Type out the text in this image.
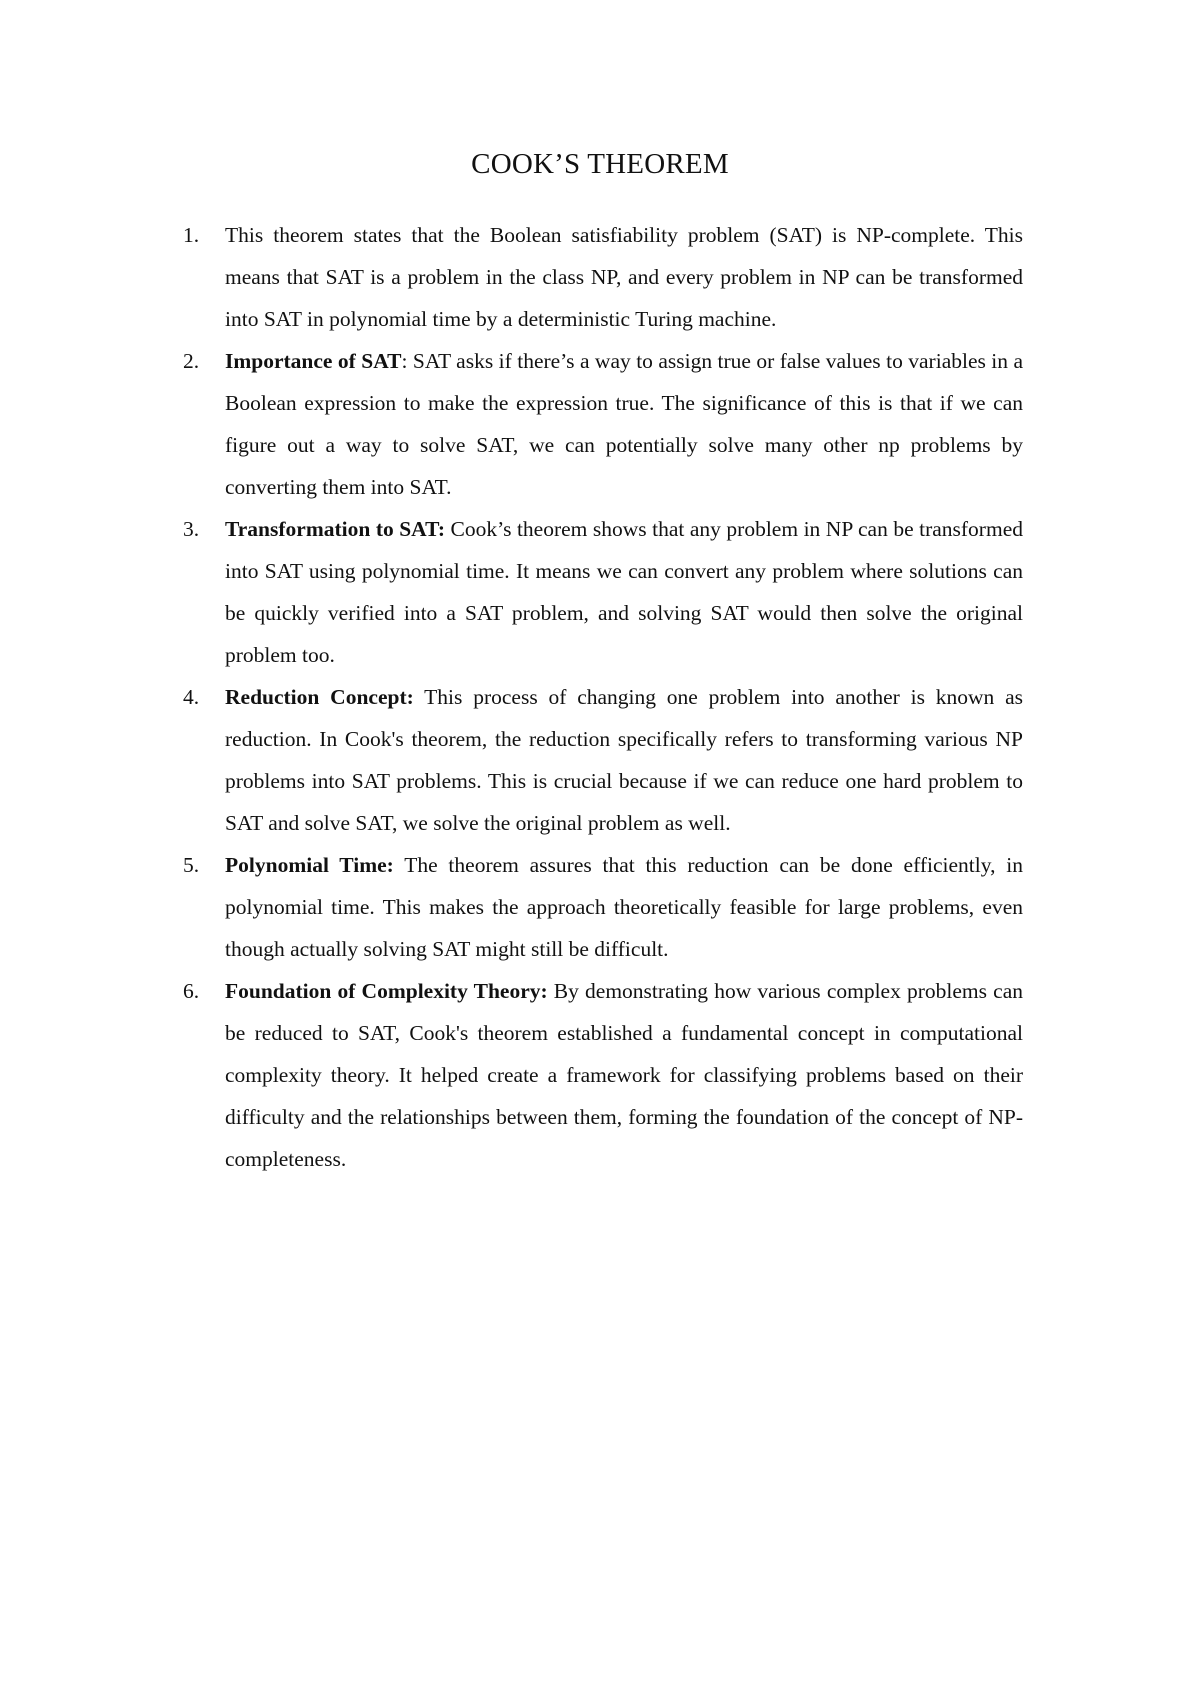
COOK’S THEOREM
1.	This theorem states that the Boolean satisfiability problem (SAT) is NP-complete. This means that SAT is a problem in the class NP, and every problem in NP can be transformed into SAT in polynomial time by a deterministic Turing machine.
2.	Importance of SAT: SAT asks if there’s a way to assign true or false values to variables in a Boolean expression to make the expression true. The significance of this is that if we can figure out a way to solve SAT, we can potentially solve many other np problems by converting them into SAT.
3.	Transformation to SAT: Cook’s theorem shows that any problem in NP can be transformed into SAT using polynomial time. It means we can convert any problem where solutions can be quickly verified into a SAT problem, and solving SAT would then solve the original problem too.
4.	Reduction Concept: This process of changing one problem into another is known as reduction. In Cook's theorem, the reduction specifically refers to transforming various NP problems into SAT problems. This is crucial because if we can reduce one hard problem to SAT and solve SAT, we solve the original problem as well.
5.	Polynomial Time: The theorem assures that this reduction can be done efficiently, in polynomial time. This makes the approach theoretically feasible for large problems, even though actually solving SAT might still be difficult.
6.	Foundation of Complexity Theory: By demonstrating how various complex problems can be reduced to SAT, Cook's theorem established a fundamental concept in computational complexity theory. It helped create a framework for classifying problems based on their difficulty and the relationships between them, forming the foundation of the concept of NP-completeness.
